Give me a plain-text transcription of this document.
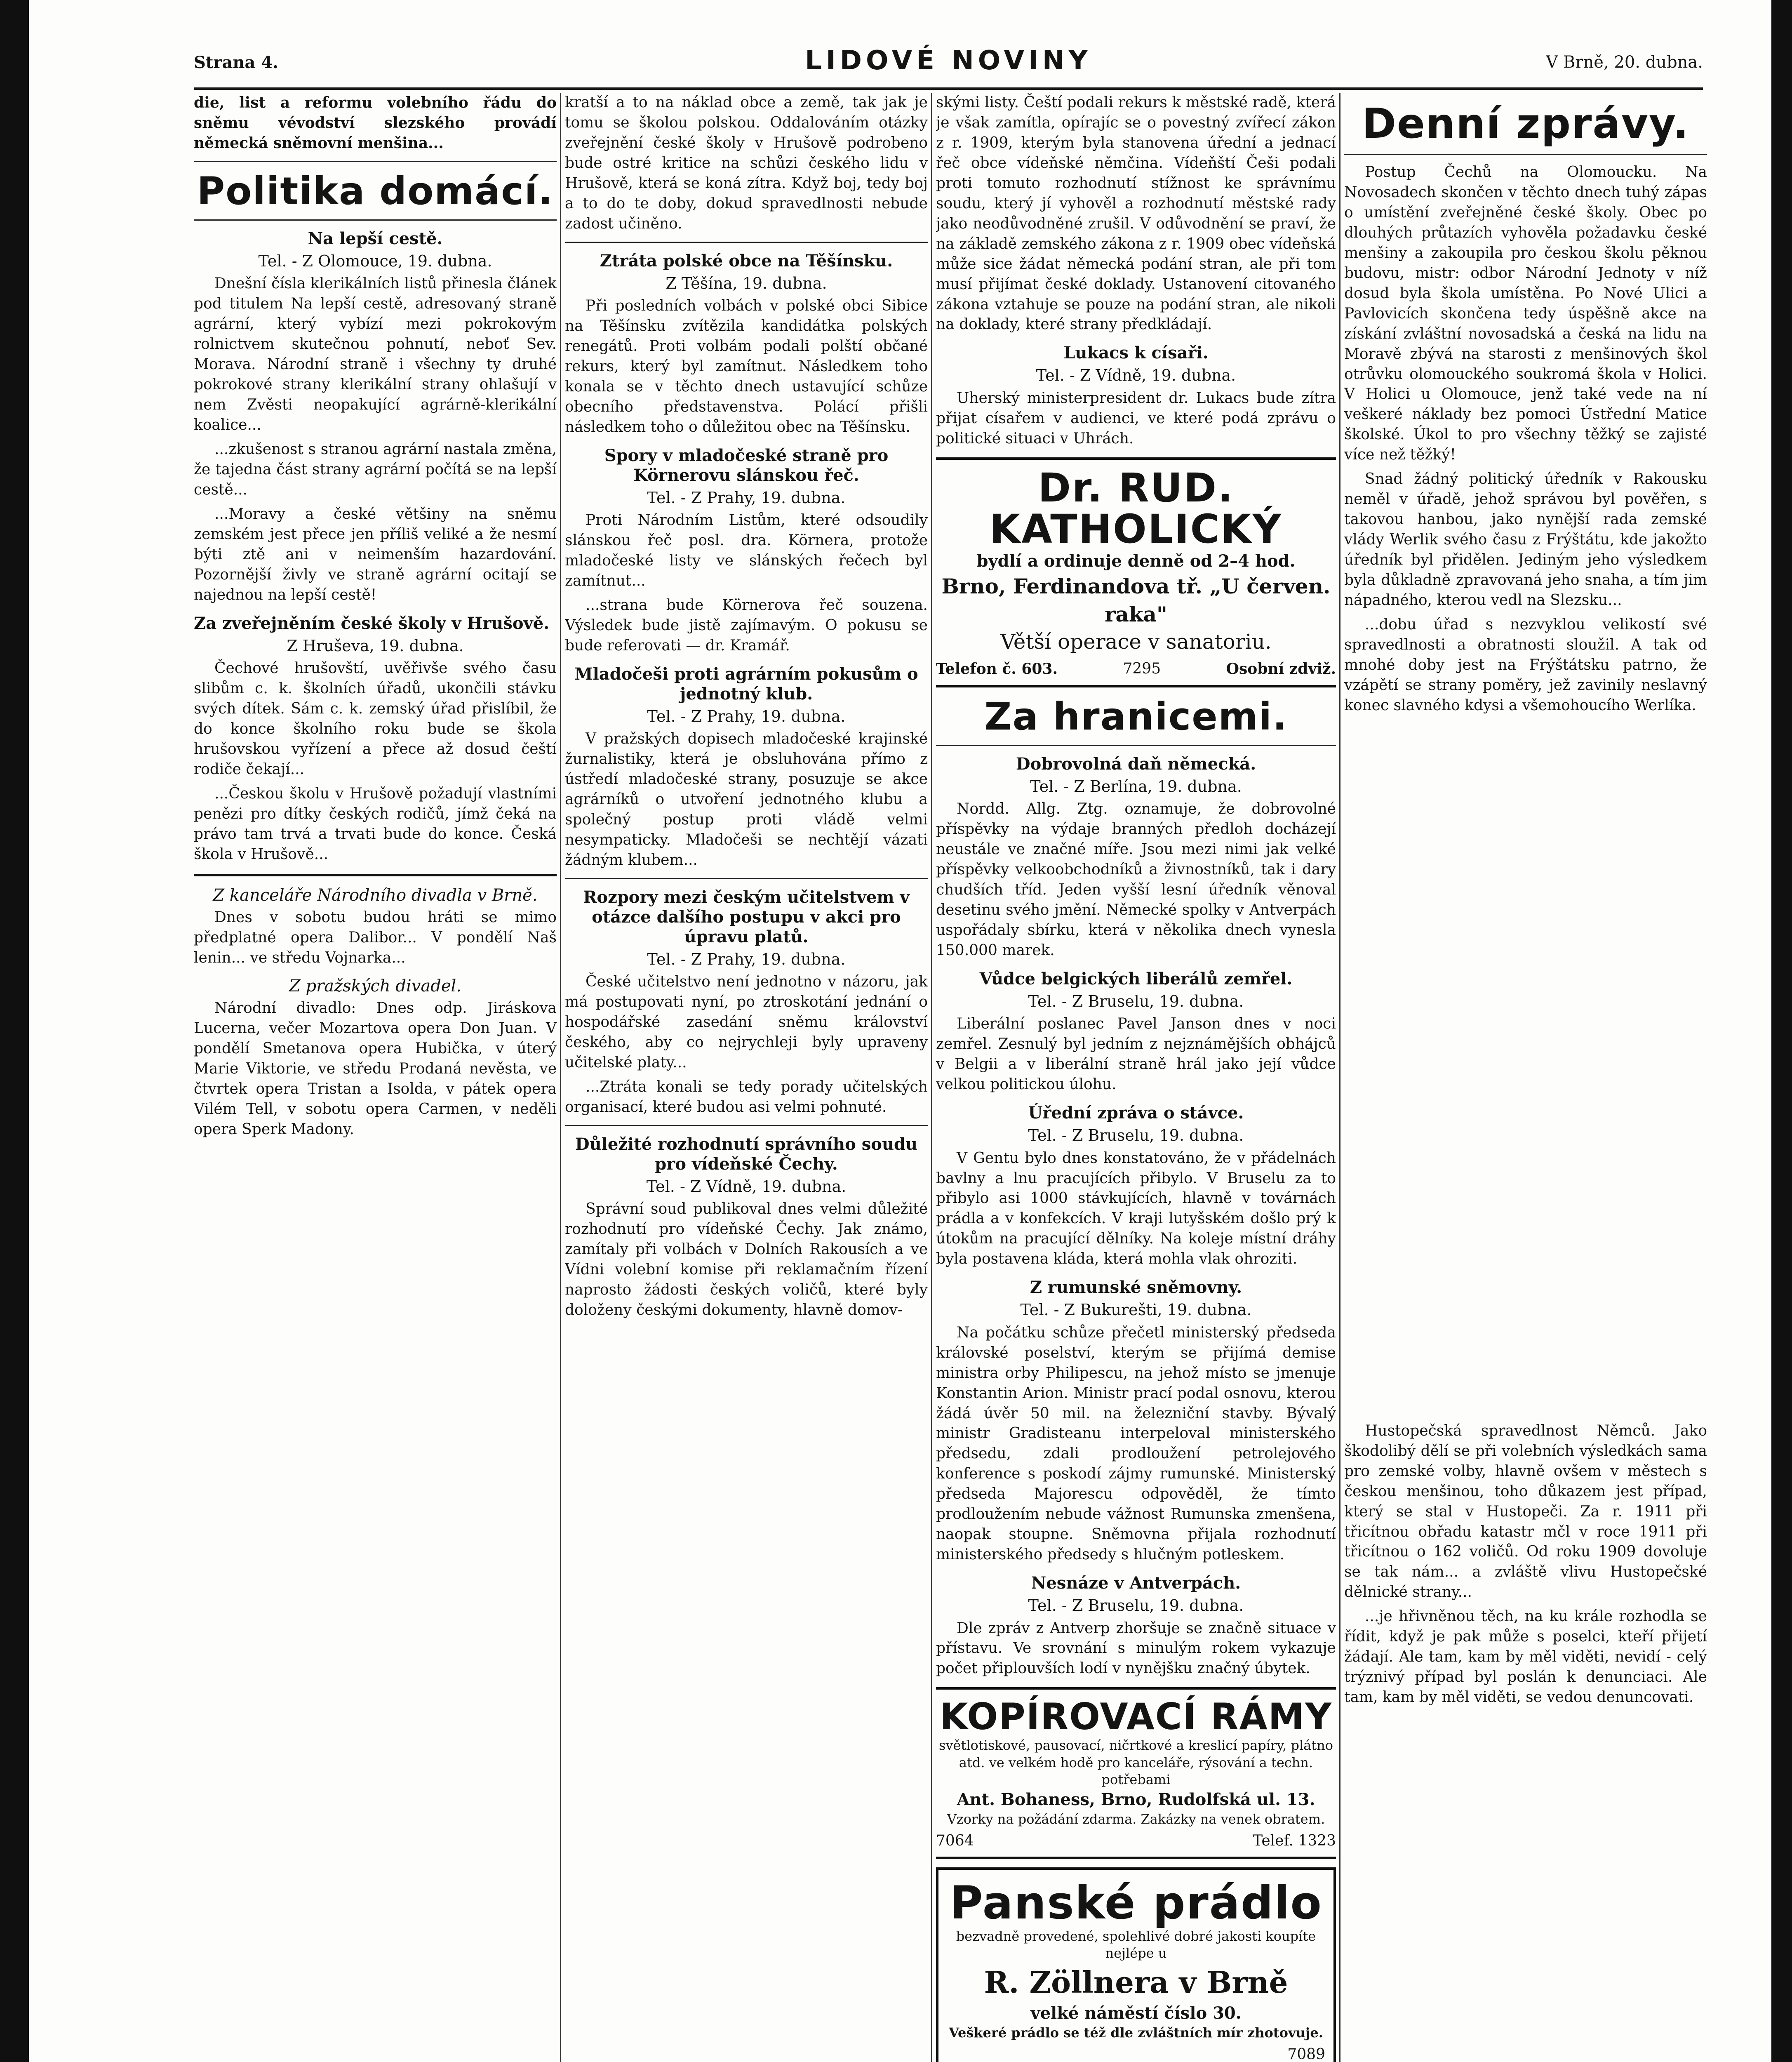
Strana 4.	LIDOVÉ NOVINY	V Brně, 20. dubna.

die, list a reformu volebního řádu do sněmu vévodství slezského provádí německá sněmovní menšina...

Politika domácí.
Na lepší cestě.
Tel. - Z Olomouce, 19. dubna.

Dnešní čísla klerikálních listů přinesla článek pod titulem Na lepší cestě, adresovaný straně agrární, který vybízí mezi pokrokovým rolnictvem skutečnou pohnutí, neboť Sev. Morava. Národní straně i všechny ty druhé pokrokové strany klerikální strany ohlašují v nem Zvěsti neopakující agrárně-klerikální koalice...

...zkušenost s stranou agrární nastala změna, že tajedna část strany agrární počítá se na lepší cestě...

...Moravy a české většiny na sněmu zemském jest přece jen příliš veliké a že nesmí býti ztě ani v neimenším hazardování. Pozornější živly ve straně agrární ocitají se najednou na lepší cestě!

Za zveřejněním české školy v Hrušově.
Z Hruševa, 19. dubna.

Čechové hrušovští, uvěřivše svého času slibům c. k. školních úřadů, ukončili stávku svých dítek. Sám c. k. zemský úřad přislíbil, že do konce školního roku bude se škola hrušovskou vyřízení a přece až dosud čeští rodiče čekají...

...Českou školu v Hrušově požadují vlastními penězi pro dítky českých rodičů, jímž čeká na právo tam trvá a trvati bude do konce. Česká škola v Hrušově...

Z kanceláře Národního divadla v Brně.

Dnes v sobotu budou hráti se mimo předplatné opera Dalibor... V pondělí Naš lenin... ve středu Vojnarka...

Z pražských divadel.

Národní divadlo: Dnes odp. Jiráskova Lucerna, večer Mozartova opera Don Juan. V pondělí Smetanova opera Hubička, v úterý Marie Viktorie, ve středu Prodaná nevěsta, ve čtvrtek opera Tristan a Isolda, v pátek opera Vilém Tell, v sobotu opera Carmen, v neděli opera Sperk Madony.

kratší a to na náklad obce a země, tak jak je tomu se školou polskou. Oddalováním otázky zveřejnění české školy v Hrušově podrobeno bude ostré kritice na schůzi českého lidu v Hrušově, která se koná zítra. Když boj, tedy boj a to do te doby, dokud spravedlnosti nebude zadost učiněno.

Ztráta polské obce na Těšínsku.
Z Těšína, 19. dubna.

Při posledních volbách v polské obci Sibice na Těšínsku zvítězila kandidátka polských renegátů. Proti volbám podali polští občané rekurs, který byl zamítnut. Následkem toho konala se v těchto dnech ustavující schůze obecního představenstva. Polácí přišli následkem toho o důležitou obec na Těšínsku.

Spory v mladočeské straně pro Körnerovu slánskou řeč.
Tel. - Z Prahy, 19. dubna.

Proti Národním Listům, které odsoudily slánskou řeč posl. dra. Körnera, protože mladočeské listy ve slánských řečech byl zamítnut...

...strana bude Körnerova řeč souzena. Výsledek bude jistě zajímavým. O pokusu se bude referovati — dr. Kramář.

Mladočeši proti agrárním pokusům o jednotný klub.
Tel. - Z Prahy, 19. dubna.

V pražských dopisech mladočeské krajinské žurnalistiky, která je obsluhována přímo z ústředí mladočeské strany, posuzuje se akce agrárníků o utvoření jednotného klubu a společný postup proti vládě velmi nesympaticky. Mladočeši se nechtějí vázati žádným klubem...

Rozpory mezi českým učitelstvem v otázce dalšího postupu v akci pro úpravu platů.
Tel. - Z Prahy, 19. dubna.

České učitelstvo není jednotno v názoru, jak má postupovati nyní, po ztroskotání jednání o hospodářské zasedání sněmu království českého, aby co nejrychleji byly upraveny učitelské platy...

...Ztráta konali se tedy porady učitelských organisací, které budou asi velmi pohnuté.

Důležité rozhodnutí správního soudu pro vídeňské Čechy.
Tel. - Z Vídně, 19. dubna.

Správní soud publikoval dnes velmi důležité rozhodnutí pro vídeňské Čechy. Jak známo, zamítaly při volbách v Dolních Rakousích a ve Vídni volební komise při reklamačním řízení naprosto žádosti českých voličů, které byly doloženy českými dokumenty, hlavně domov-

skými listy. Čeští podali rekurs k městské radě, která je však zamítla, opírajíc se o povestný zvířecí zákon z r. 1909, kterým byla stanovena úřední a jednací řeč obce vídeňské němčina. Vídeňští Češi podali proti tomuto rozhodnutí stížnost ke správnímu soudu, který jí vyhověl a rozhodnutí městské rady jako neodůvodněné zrušil. V odůvodnění se praví, že na základě zemského zákona z r. 1909 obec vídeňská může sice žádat německá podání stran, ale při tom musí přijímat české doklady. Ustanovení citovaného zákona vztahuje se pouze na podání stran, ale nikoli na doklady, které strany předkládají.

Lukacs k císaři.
Tel. - Z Vídně, 19. dubna.

Uherský ministerpresident dr. Lukacs bude zítra přijat císařem v audienci, ve které podá zprávu o politické situaci v Uhrách.

Dr. RUD. KATHOLICKÝ
bydlí a ordinuje denně od 2–4 hod.
Brno, Ferdinandova tř. „U červen. raka"
Větší operace v sanatoriu.
Telefon č. 603.	7295	Osobní zdviž.
Za hranicemi.
Dobrovolná daň německá.
Tel. - Z Berlína, 19. dubna.

Nordd. Allg. Ztg. oznamuje, že dobrovolné příspěvky na výdaje branných předloh docházejí neustále ve značné míře. Jsou mezi nimi jak velké příspěvky velkoobchodníků a živnostníků, tak i dary chudších tříd. Jeden vyšší lesní úředník věnoval desetinu svého jmění. Německé spolky v Antverpách uspořádaly sbírku, která v několika dnech vynesla 150.000 marek.

Vůdce belgických liberálů zemřel.
Tel. - Z Bruselu, 19. dubna.

Liberální poslanec Pavel Janson dnes v noci zemřel. Zesnulý byl jedním z nejznámějších obhájců v Belgii a v liberální straně hrál jako její vůdce velkou politickou úlohu.

Úřední zpráva o stávce.
Tel. - Z Bruselu, 19. dubna.

V Gentu bylo dnes konstatováno, že v přádelnách bavlny a lnu pracujících přibylo. V Bruselu za to přibylo asi 1000 stávkujících, hlavně v továrnách prádla a v konfekcích. V kraji lutyšském došlo prý k útokům na pracující dělníky. Na koleje místní dráhy byla postavena kláda, která mohla vlak ohroziti.

Z rumunské sněmovny.
Tel. - Z Bukurešti, 19. dubna.

Na počátku schůze přečetl ministerský předseda královské poselství, kterým se přijímá demise ministra orby Philipescu, na jehož místo se jmenuje Konstantin Arion. Ministr prací podal osnovu, kterou žádá úvěr 50 mil. na železniční stavby. Bývalý ministr Gradisteanu interpeloval ministerského předsedu, zdali prodloužení petrolejového konference s poskodí zájmy rumunské. Ministerský předseda Majorescu odpověděl, že tímto prodloužením nebude vážnost Rumunska zmenšena, naopak stoupne. Sněmovna přijala rozhodnutí ministerského předsedy s hlučným potleskem.

Nesnáze v Antverpách.
Tel. - Z Bruselu, 19. dubna.

Dle zpráv z Antverp zhoršuje se značně situace v přístavu. Ve srovnání s minulým rokem vykazuje počet připlouvších lodí v nynějšku značný úbytek.

KOPÍROVACÍ RÁMY
světlotiskové, pausovací, ničrtkové a kreslicí papíry, plátno atd. ve velkém hodě pro kanceláře, rýsování a techn. potřebami
Ant. Bohaness, Brno, Rudolfská ul. 13.
Vzorky na požádání zdarma. Zakázky na venek obratem.
7064	Telef. 1323
Panské prádlo
bezvadně provedené, spolehlivé dobré jakosti koupíte nejlépe u
R. Zöllnera v Brně
velké náměstí číslo 30.
Veškeré prádlo se též dle zvláštních mír zhotovuje.
7089
Denní zprávy.

Postup Čechů na Olomoucku. Na Novosadech skončen v těchto dnech tuhý zápas o umístění zveřejněné české školy. Obec po dlouhých průtazích vyhověla požadavku české menšiny a zakoupila pro českou školu pěknou budovu, mistr: odbor Národní Jednoty v níž dosud byla škola umístěna. Po Nové Ulici a Pavlovicích skončena tedy úspěšně akce na získání zvláštní novosadská a česká na lidu na Moravě zbývá na starosti z menšinových škol otrůvku olomouckého soukromá škola v Holici. V Holici u Olomouce, jenž také vede na ní veškeré náklady bez pomoci Ústřední Matice školské. Úkol to pro všechny těžký se zajisté více než těžký!

Snad žádný politický úředník v Rakousku neměl v úřadě, jehož správou byl pověřen, s takovou hanbou, jako nynější rada zemské vlády Werlik svého času z Frýštátu, kde jakožto úředník byl přidělen. Jediným jeho výsledkem byla důkladně zpravovaná jeho snaha, a tím jim nápadného, kterou vedl na Slezsku...

...dobu úřad s nezvyklou velikostí své spravedlnosti a obratnosti sloužil. A tak od mnohé doby jest na Frýštátsku patrno, že vzápětí se strany poměry, jež zavinily neslavný konec slavného kdysi a všemohoucího Werlíka.

Hustopečská spravedlnost Němců. Jako škodolibý dělí se při volebních výsledkách sama pro zemské volby, hlavně ovšem v městech s českou menšinou, toho důkazem jest případ, který se stal v Hustopeči. Za r. 1911 při třicítnou obřadu katastr mčl v roce 1911 při třicítnou o 162 voličů. Od roku 1909 dovoluje se tak nám... a zvláště vlivu Hustopečské dělnické strany...

...je hřivněnou těch, na ku krále rozhodla se řídit, když je pak může s poselci, kteří přijetí žádají. Ale tam, kam by měl viděti, nevidí - celý trýznivý případ byl poslán k denunciaci. Ale tam, kam by měl viděti, se vedou denuncovati.
